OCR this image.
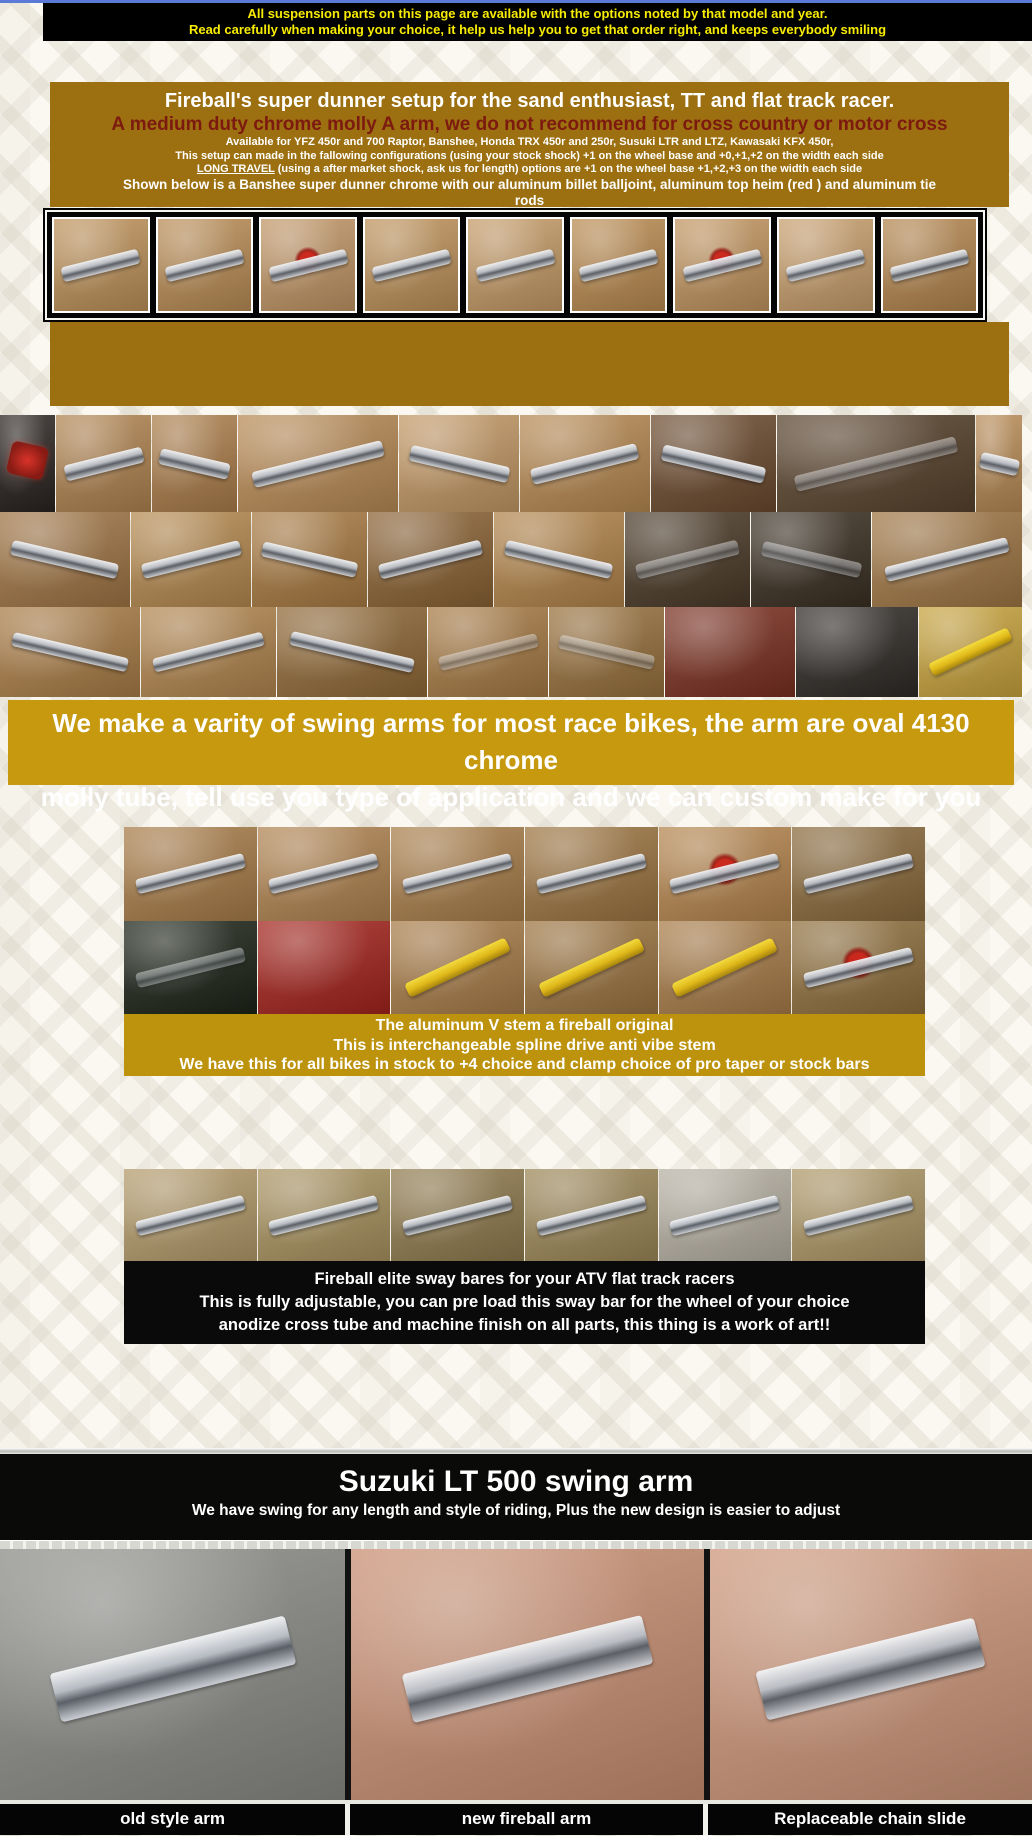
All suspension parts on this page are available with the options noted by that model and year.
Read carefully when making your choice, it help us help you to get that order right, and keeps everybody smiling
Fireball's super dunner setup for the sand enthusiast, TT and flat track racer.
A medium duty chrome molly A arm, we do not recommend for cross country or motor cross

Available for YFZ 450r and 700 Raptor, Banshee, Honda TRX 450r and 250r, Susuki LTR and LTZ, Kawasaki KFX 450r,

This setup can made in the fallowing configurations (using your stock shock) +1 on the wheel base and +0,+1,+2 on the width each side

LONG TRAVEL (using a after market shock, ask us for length) options are +1 on the wheel base +1,+2,+3 on the width each side

Shown below is a Banshee super dunner chrome with our aluminum billet balljoint, aluminum top heim (red ) and aluminum tie rods

We make a varity of swing arms for most race bikes, the arm are oval 4130 chrome
molly tube, tell use you type of application and we can custom make for you
The aluminum V stem a fireball original
This is interchangeable spline drive anti vibe stem
We have this for all bikes in stock to +4 choice and clamp choice of pro taper or stock bars
Fireball elite sway bares for your ATV flat track racers
This is fully adjustable, you can pre load this sway bar for the wheel of your choice
anodize cross tube and machine finish on all parts, this thing is a work of art!!
Suzuki LT 500 swing arm

We have swing for any length and style of riding, Plus the new design is easier to adjust

old style arm	new fireball arm	Replaceable chain slide
